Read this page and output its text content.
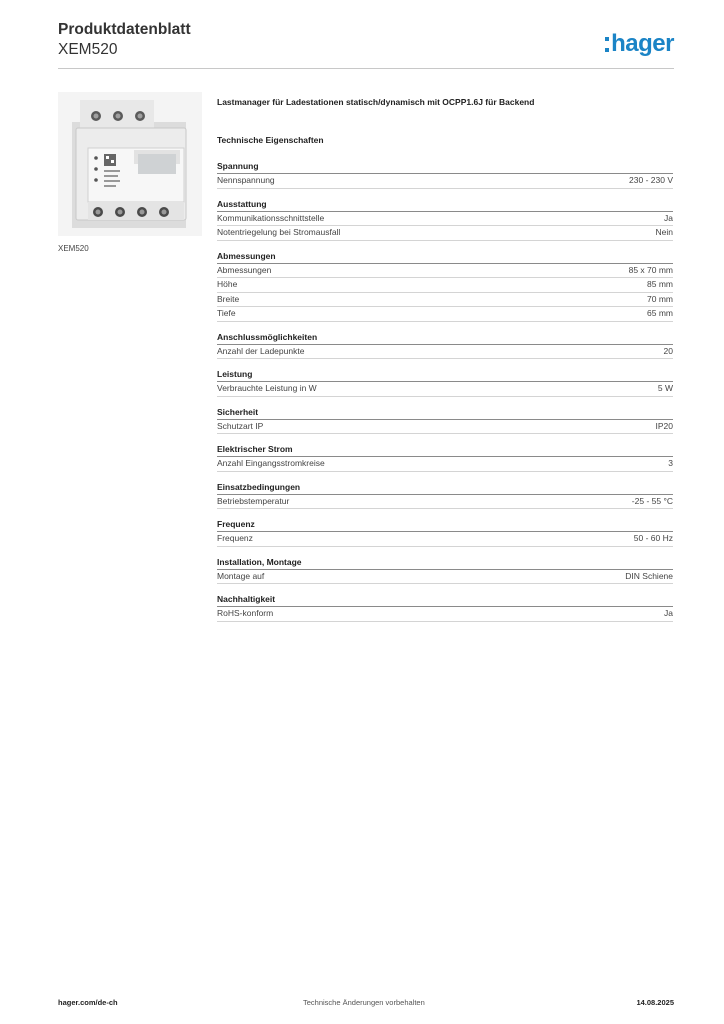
Produktdatenblatt
XEM520	hager
XEM520
Lastmanager für Ladestationen statisch/dynamisch mit OCPP1.6J für Backend
Technische Eigenschaften
Spannung
Nennspannung	230 - 230 V
Ausstattung
Kommunikationsschnittstelle	Ja
Notentriegelung bei Stromausfall	Nein
Abmessungen
Abmessungen	85 x 70 mm
Höhe	85 mm
Breite	70 mm
Tiefe	65 mm
Anschlussmöglichkeiten
Anzahl der Ladepunkte	20
Leistung
Verbrauchte Leistung in W	5 W
Sicherheit
Schutzart IP	IP20
Elektrischer Strom
Anzahl Eingangsstromkreise	3
Einsatzbedingungen
Betriebstemperatur	-25 - 55 °C
Frequenz
Frequenz	50 - 60 Hz
Installation, Montage
Montage auf	DIN Schiene
Nachhaltigkeit
RoHS-konform	Ja
hager.com/de-ch	Technische Änderungen vorbehalten	14.08.2025
